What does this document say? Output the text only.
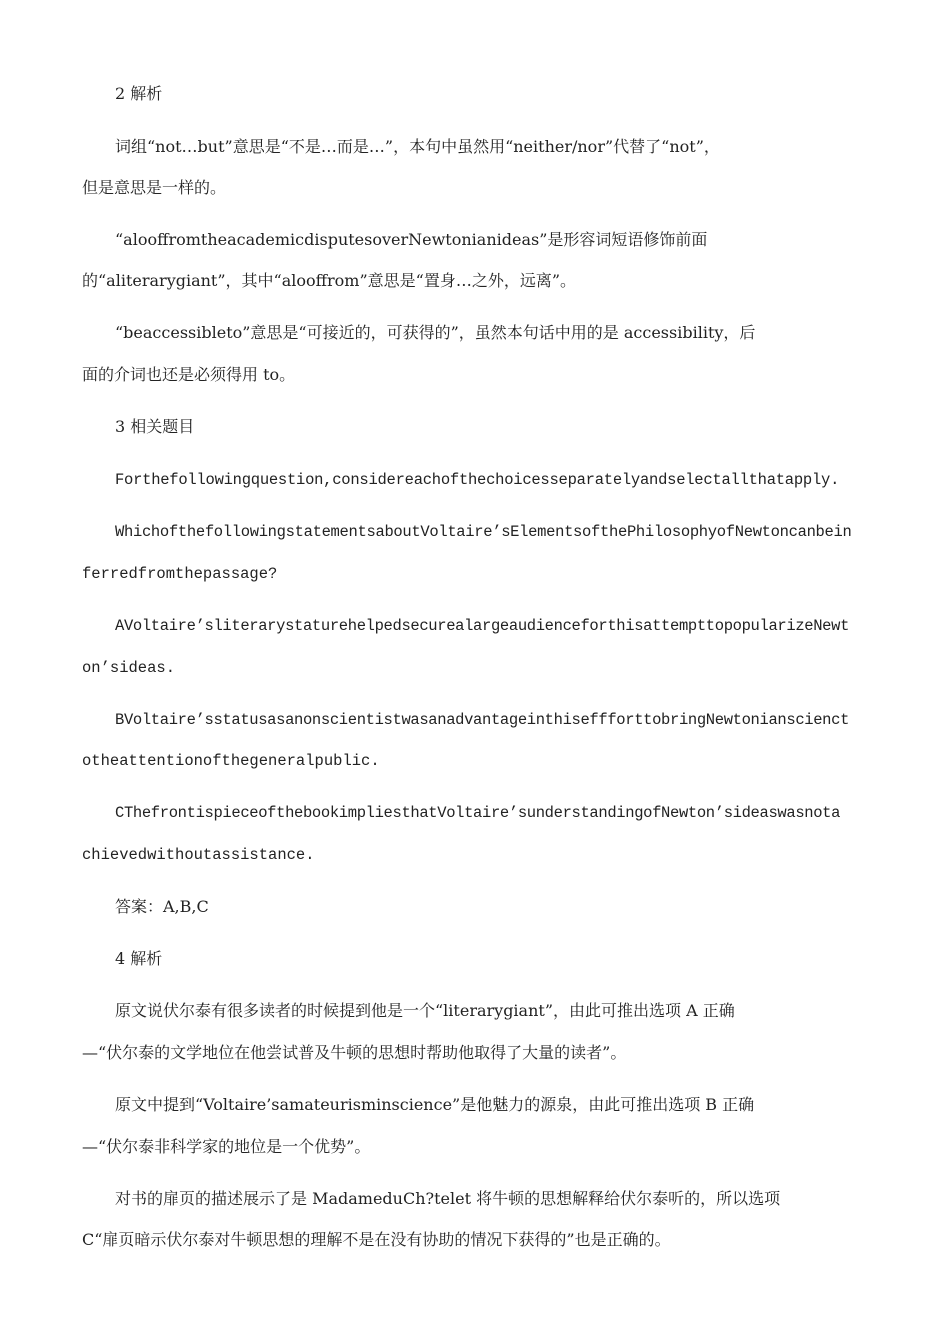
2 解析
词组“not…but”意思是“不是…而是…”，本句中虽然用“neither/nor”代替了“not”，
但是意思是一样的。
“alooffromtheacademicdisputesoverNewtonianideas”是形容词短语修饰前面
的“aliterarygiant”，其中“alooffrom”意思是“置身…之外，远离”。
“beaccessibleto”意思是“可接近的，可获得的”，虽然本句话中用的是 accessibility，后
面的介词也还是必须得用 to。
3 相关题目
Forthefollowingquestion,considereachofthechoicesseparatelyandselectallthatapply.
WhichofthefollowingstatementsaboutVoltaire’sElementsofthePhilosophyofNewtoncanbein
ferredfromthepassage?
AVoltaire’sliterarystaturehelpedsecurealargeaudienceforthisattempttopopularizeNewt
on’sideas.
BVoltaire’sstatusasanonscientistwasanadvantageinthiseffforttobringNewtonianscienct
otheattentionofthegeneralpublic.
CThefrontispieceofthebookimpliesthatVoltaire’sunderstandingofNewton’sideaswasnota
chievedwithoutassistance.
答案：A,B,C
4 解析
原文说伏尔泰有很多读者的时候提到他是一个“literarygiant”，由此可推出选项 A 正确
—“伏尔泰的文学地位在他尝试普及牛顿的思想时帮助他取得了大量的读者”。
原文中提到“Voltaire’samateurisminscience”是他魅力的源泉，由此可推出选项 B 正确
—“伏尔泰非科学家的地位是一个优势”。
对书的扉页的描述展示了是 MadameduCh?telet 将牛顿的思想解释给伏尔泰听的，所以选项
C“扉页暗示伏尔泰对牛顿思想的理解不是在没有协助的情况下获得的”也是正确的。
